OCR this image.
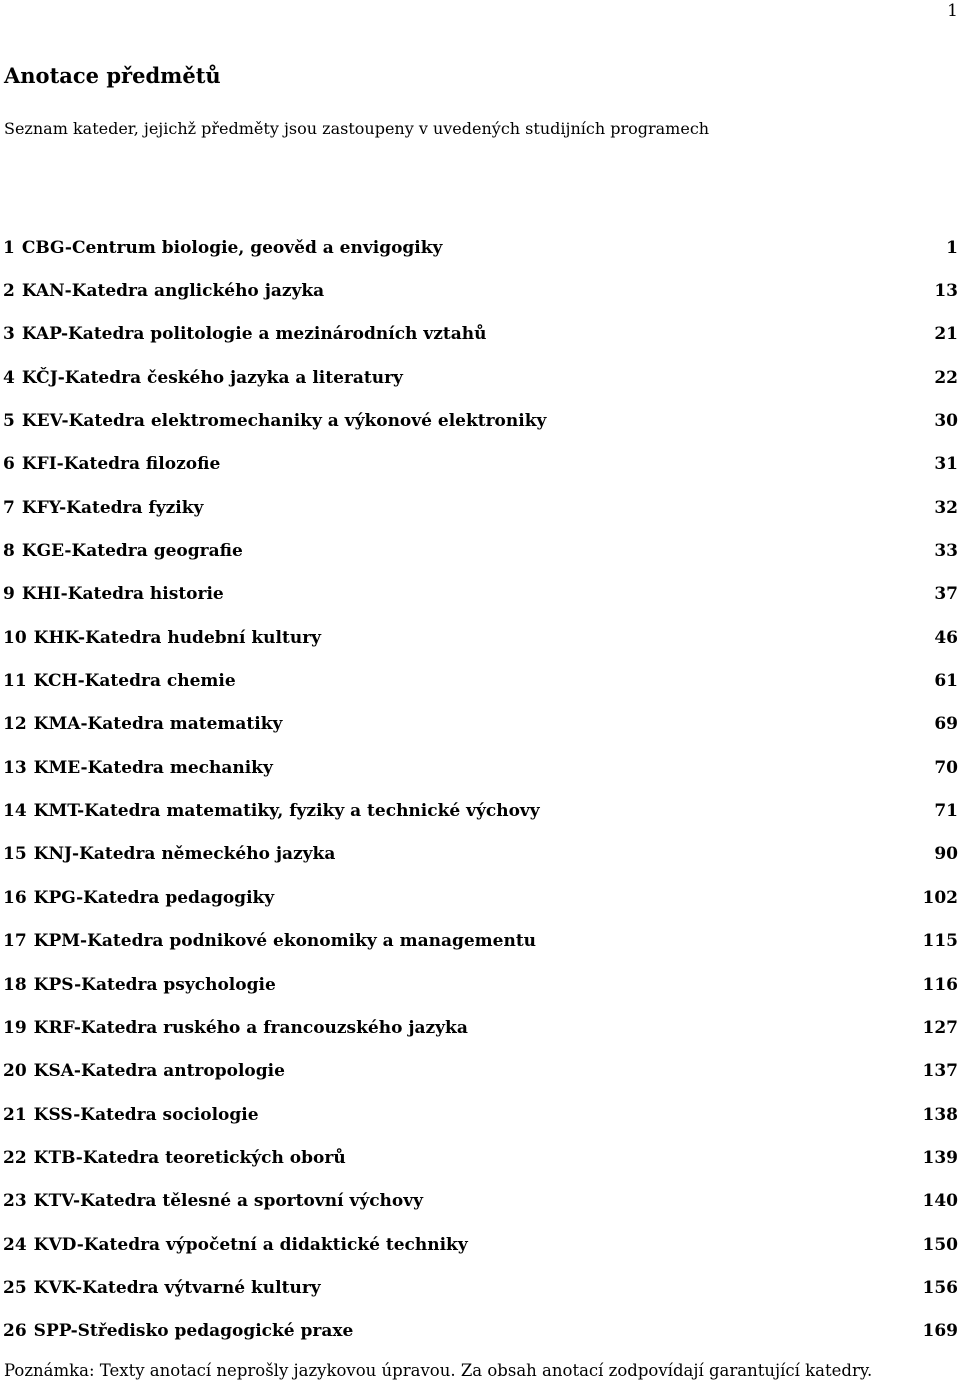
1
Anotace předmětů

Seznam kateder, jejichž předměty jsou zastoupeny v uvedených studijních programech

1 CBG-Centrum biologie, geověd a envigogiky	1
2 KAN-Katedra anglického jazyka	13
3 KAP-Katedra politologie a mezinárodních vztahů	21
4 KČJ-Katedra českého jazyka a literatury	22
5 KEV-Katedra elektromechaniky a výkonové elektroniky	30
6 KFI-Katedra filozofie	31
7 KFY-Katedra fyziky	32
8 KGE-Katedra geografie	33
9 KHI-Katedra historie	37
10 KHK-Katedra hudební kultury	46
11 KCH-Katedra chemie	61
12 KMA-Katedra matematiky	69
13 KME-Katedra mechaniky	70
14 KMT-Katedra matematiky, fyziky a technické výchovy	71
15 KNJ-Katedra německého jazyka	90
16 KPG-Katedra pedagogiky	102
17 KPM-Katedra podnikové ekonomiky a managementu	115
18 KPS-Katedra psychologie	116
19 KRF-Katedra ruského a francouzského jazyka	127
20 KSA-Katedra antropologie	137
21 KSS-Katedra sociologie	138
22 KTB-Katedra teoretických oborů	139
23 KTV-Katedra tělesné a sportovní výchovy	140
24 KVD-Katedra výpočetní a didaktické techniky	150
25 KVK-Katedra výtvarné kultury	156
26 SPP-Středisko pedagogické praxe	169

Poznámka: Texty anotací neprošly jazykovou úpravou. Za obsah anotací zodpovídají garantující katedry.
